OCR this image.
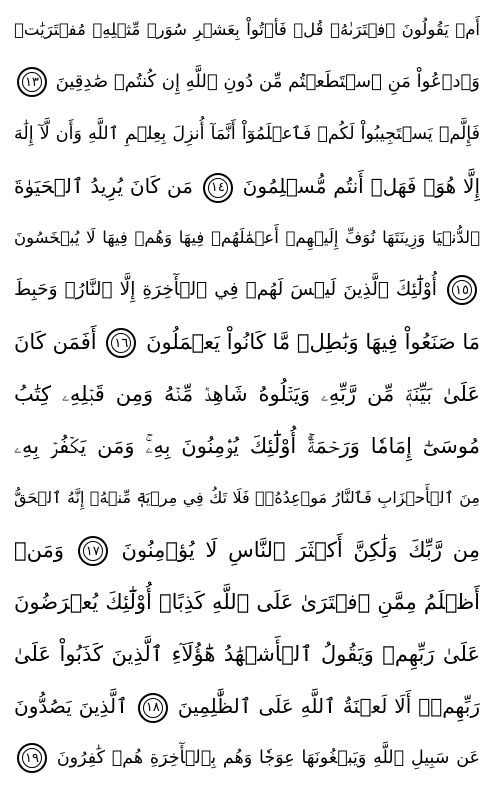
أَمۡ يَقُولُونَ ٱفۡتَرَىٰهُۖ قُلۡ فَأۡتُواْ بِعَشۡرِ سُوَرٖ مِّثۡلِهِۦ مُفۡتَرَيَٰتٖ
وَٱدۡعُواْ مَنِ ٱسۡتَطَعۡتُم مِّن دُونِ ٱللَّهِ إِن كُنتُمۡ صَٰدِقِينَ ١٣
فَإِلَّمۡ يَسۡتَجِيبُواْ لَكُمۡ فَٱعۡلَمُوٓاْ أَنَّمَآ أُنزِلَ بِعِلۡمِ ٱللَّهِ وَأَن لَّآ إِلَٰهَ
إِلَّا هُوَۖ فَهَلۡ أَنتُم مُّسۡلِمُونَ ١٤ مَن كَانَ يُرِيدُ ٱلۡحَيَوٰةَ
ٱلدُّنۡيَا وَزِينَتَهَا نُوَفِّ إِلَيۡهِمۡ أَعۡمَٰلَهُمۡ فِيهَا وَهُمۡ فِيهَا لَا يُبۡخَسُونَ
١٥ أُوْلَٰٓئِكَ ٱلَّذِينَ لَيۡسَ لَهُمۡ فِي ٱلۡأٓخِرَةِ إِلَّا ٱلنَّارُۖ وَحَبِطَ
مَا صَنَعُواْ فِيهَا وَبَٰطِلٞ مَّا كَانُواْ يَعۡمَلُونَ ١٦ أَفَمَن كَانَ
عَلَىٰ بَيِّنَةٖ مِّن رَّبِّهِۦ وَيَتۡلُوهُ شَاهِدٞ مِّنۡهُ وَمِن قَبۡلِهِۦ كِتَٰبُ
مُوسَىٰٓ إِمَامٗا وَرَحۡمَةًۚ أُوْلَٰٓئِكَ يُؤۡمِنُونَ بِهِۦۚ وَمَن يَكۡفُرۡ بِهِۦ
مِنَ ٱلۡأَحۡزَابِ فَٱلنَّارُ مَوۡعِدُهُۥۚ فَلَا تَكُ فِي مِرۡيَةٖ مِّنۡهُۚ إِنَّهُ ٱلۡحَقُّ
مِن رَّبِّكَ وَلَٰكِنَّ أَكۡثَرَ ٱلنَّاسِ لَا يُؤۡمِنُونَ ١٧ وَمَنۡ
أَظۡلَمُ مِمَّنِ ٱفۡتَرَىٰ عَلَى ٱللَّهِ كَذِبًاۚ أُوْلَٰٓئِكَ يُعۡرَضُونَ
عَلَىٰ رَبِّهِمۡ وَيَقُولُ ٱلۡأَشۡهَٰدُ هَٰٓؤُلَآءِ ٱلَّذِينَ كَذَبُواْ عَلَىٰ
رَبِّهِمۡۚ أَلَا لَعۡنَةُ ٱللَّهِ عَلَى ٱلظَّٰلِمِينَ ١٨ ٱلَّذِينَ يَصُدُّونَ
عَن سَبِيلِ ٱللَّهِ وَيَبۡغُونَهَا عِوَجٗا وَهُم بِٱلۡأٓخِرَةِ هُمۡ كَٰفِرُونَ ١٩
